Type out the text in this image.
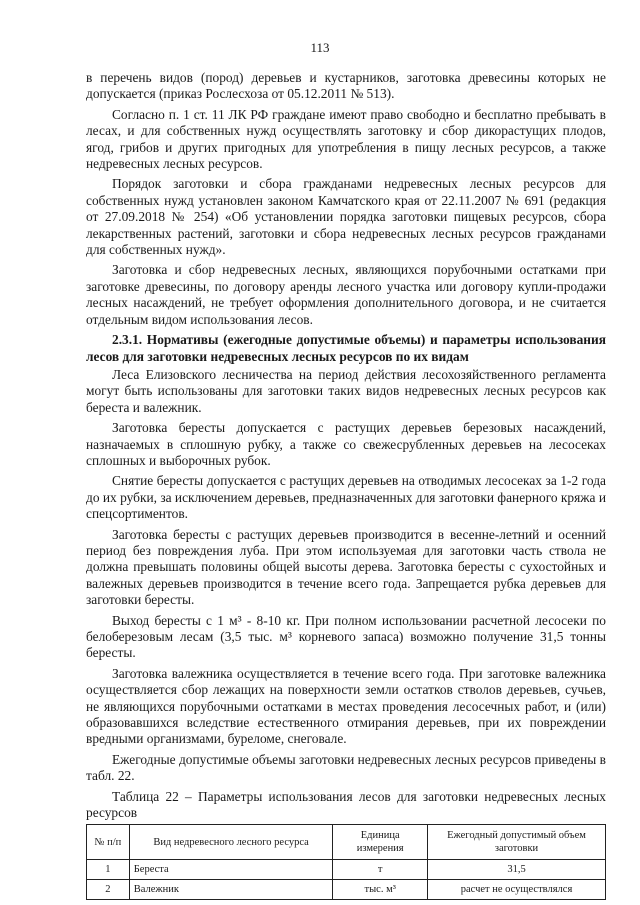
113

в перечень видов (пород) деревьев и кустарников, заготовка древесины которых не допускается (приказ Рослесхоза от 05.12.2011 № 513).

Согласно п. 1 ст. 11 ЛК РФ граждане имеют право свободно и бесплатно пребывать в лесах, и для собственных нужд осуществлять заготовку и сбор дикорастущих плодов, ягод, грибов и других пригодных для употребления в пищу лесных ресурсов, а также недревесных лесных ресурсов.

Порядок заготовки и сбора гражданами недревесных лесных ресурсов для собственных нужд установлен законом Камчатского края от 22.11.2007 № 691 (редакция от 27.09.2018 № 254) «Об установлении порядка заготовки пищевых ресурсов, сбора лекарственных растений, заготовки и сбора недревесных лесных ресурсов гражданами для собственных нужд».

Заготовка и сбор недревесных лесных, являющихся порубочными остатками при заготовке древесины, по договору аренды лесного участка или договору купли-продажи лесных насаждений, не требует оформления дополнительного договора, и не считается отдельным видом использования лесов.

2.3.1. Нормативы (ежегодные допустимые объемы) и параметры использования лесов для заготовки недревесных лесных ресурсов по их видам

Леса Елизовского лесничества на период действия лесохозяйственного регламента могут быть использованы для заготовки таких видов недревесных лесных ресурсов как береста и валежник.

Заготовка бересты допускается с растущих деревьев березовых насаждений, назначаемых в сплошную рубку, а также со свежесрубленных деревьев на лесосеках сплошных и выборочных рубок.

Снятие бересты допускается с растущих деревьев на отводимых лесосеках за 1-2 года до их рубки, за исключением деревьев, предназначенных для заготовки фанерного кряжа и спецсортиментов.

Заготовка бересты с растущих деревьев производится в весенне-летний и осенний период без повреждения луба. При этом используемая для заготовки часть ствола не должна превышать половины общей высоты дерева. Заготовка бересты с сухостойных и валежных деревьев производится в течение всего года. Запрещается рубка деревьев для заготовки бересты.

Выход бересты с 1 м³ - 8-10 кг. При полном использовании расчетной лесосеки по белоберезовым лесам (3,5 тыс. м³ корневого запаса) возможно получение 31,5 тонны бересты.

Заготовка валежника осуществляется в течение всего года. При заготовке валежника осуществляется сбор лежащих на поверхности земли остатков стволов деревьев, сучьев, не являющихся порубочными остатками в местах проведения лесосечных работ, и (или) образовавшихся вследствие естественного отмирания деревьев, при их повреждении вредными организмами, буреломе, снеговале.

Ежегодные допустимые объемы заготовки недревесных лесных ресурсов приведены в табл. 22.

Таблица 22 – Параметры использования лесов для заготовки недревесных лесных ресурсов
№ п/п	Вид недревесного лесного ресурса	Единица измерения	Ежегодный допустимый объем заготовки
1	Береста	т	31,5
2	Валежник	тыс. м³	расчет не осуществлялся
